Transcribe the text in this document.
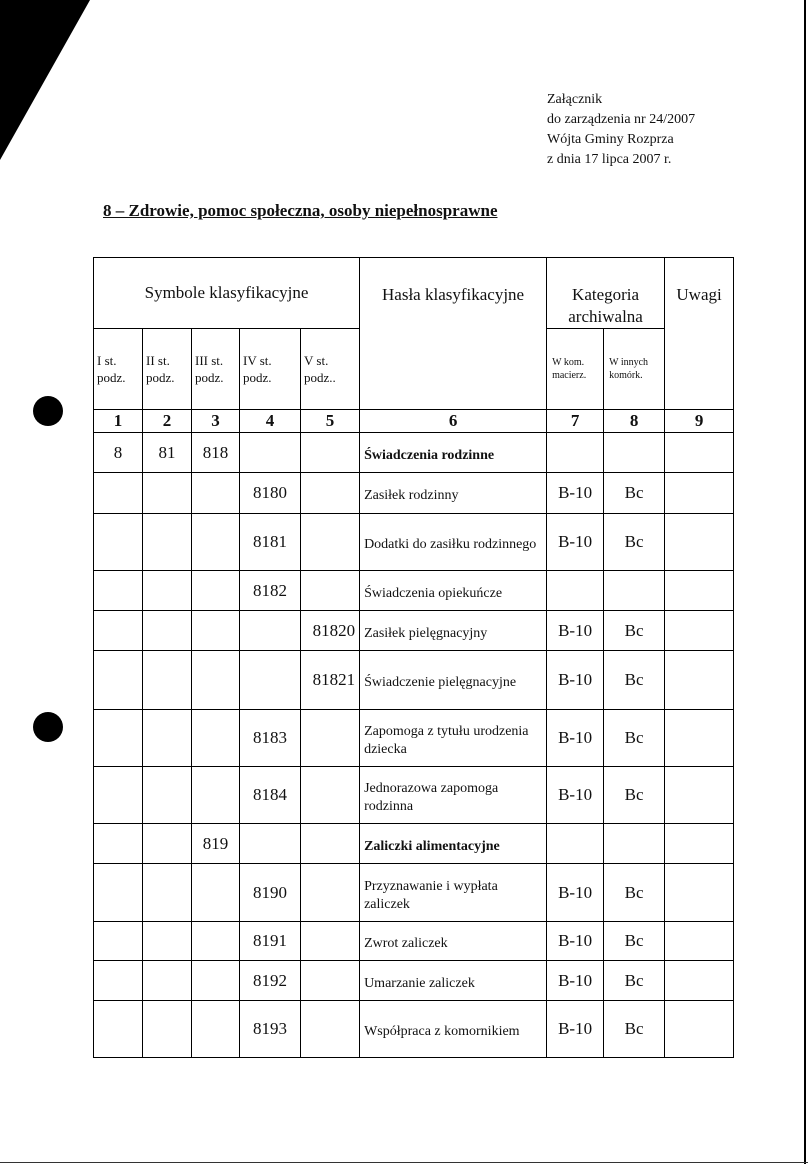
Załącznik
do zarządzenia nr 24/2007
Wójta Gminy Rozprza
z dnia 17 lipca 2007 r.
8 – Zdrowie, pomoc społeczna, osoby niepełnosprawne
Symbole klasyfikacyjne					Hasła klasyfikacyjne	Kategoria archiwalna		Uwagi
I st. podz.	II st. podz.	III st. podz.	IV st. podz.	V st. podz..		W kom. macierz.	W innych komórk.	
1	2	3	4	5	6	7	8	9
8	81	818			Świadczenia rodzinne			
			8180		Zasiłek rodzinny	B-10	Bc	
			8181		Dodatki do zasiłku rodzinnego	B-10	Bc	
			8182		Świadczenia opiekuńcze			
				81820	Zasiłek pielęgnacyjny	B-10	Bc	
				81821	Świadczenie pielęgnacyjne	B-10	Bc	
			8183		Zapomoga z tytułu urodzenia dziecka	B-10	Bc	
			8184		Jednorazowa zapomoga rodzinna	B-10	Bc	
		819			Zaliczki alimentacyjne			
			8190		Przyznawanie i wypłata zaliczek	B-10	Bc	
			8191		Zwrot zaliczek	B-10	Bc	
			8192		Umarzanie zaliczek	B-10	Bc	
			8193		Współpraca z komornikiem	B-10	Bc	
